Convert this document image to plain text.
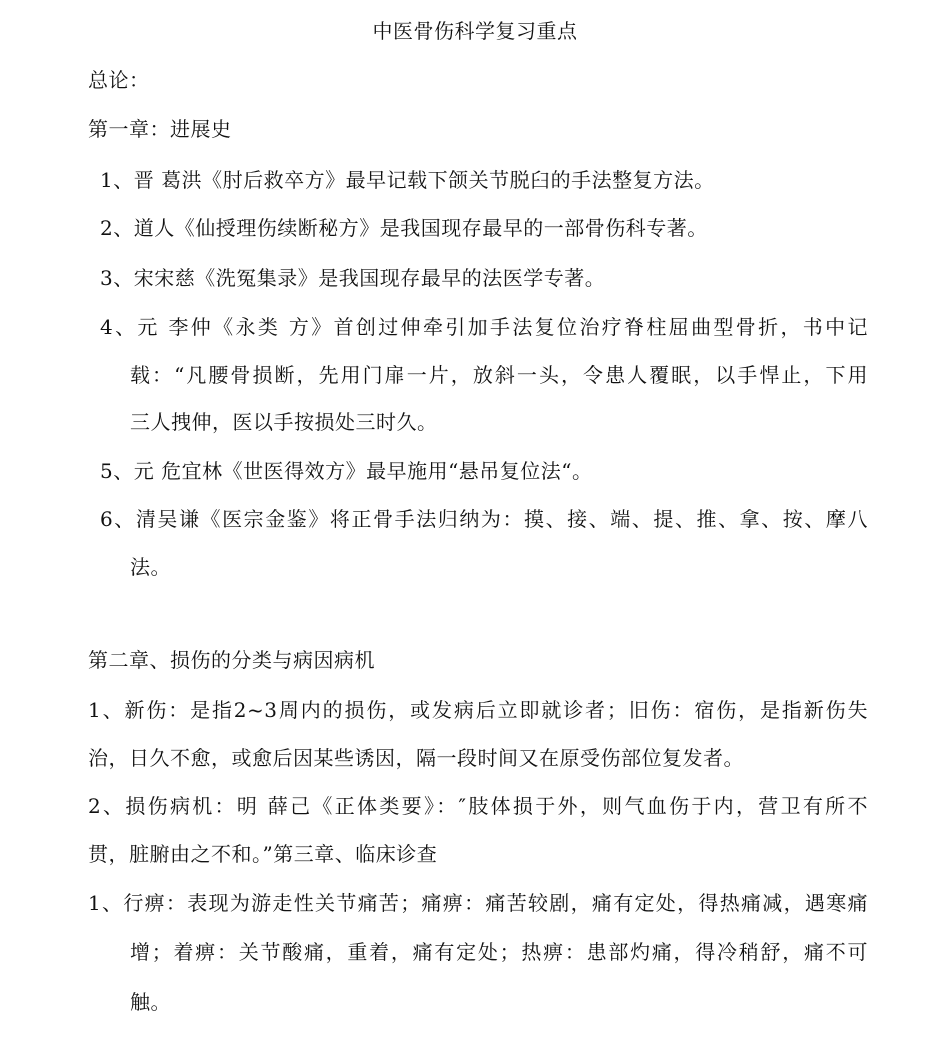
中医骨伤科学复习重点
总论：
第一章：进展史
1、晋 葛洪《肘后救卒方》最早记载下颌关节脱臼的手法整复方法。
2、道人《仙授理伤续断秘方》是我国现存最早的一部骨伤科专著。
3、宋宋慈《洗冤集录》是我国现存最早的法医学专著。
4、元 李仲《永类 方》首创过伸牵引加手法复位治疗脊柱屈曲型骨折，书中记
载：“凡腰骨损断，先用门扉一片，放斜一头，令患人覆眠，以手悍止，下用
三人拽伸，医以手按损处三时久。
5、元 危宜林《世医得效方》最早施用“悬吊复位法“。
6、清吴谦《医宗金鉴》将正骨手法归纳为：摸、接、端、提、推、拿、按、摩八
法。
第二章、损伤的分类与病因病机
1、新伤：是指2~3周内的损伤，或发病后立即就诊者；旧伤：宿伤，是指新伤失
治，日久不愈，或愈后因某些诱因，隔一段时间又在原受伤部位复发者。
2、损伤病机：明 薛己《正体类要》：″肢体损于外，则气血伤于内，营卫有所不
贯，脏腑由之不和。”第三章、临床诊查
1、行痹：表现为游走性关节痛苦；痛痹：痛苦较剧，痛有定处，得热痛减，遇寒痛
增；着痹：关节酸痛，重着，痛有定处；热痹：患部灼痛，得冷稍舒，痛不可
触。
